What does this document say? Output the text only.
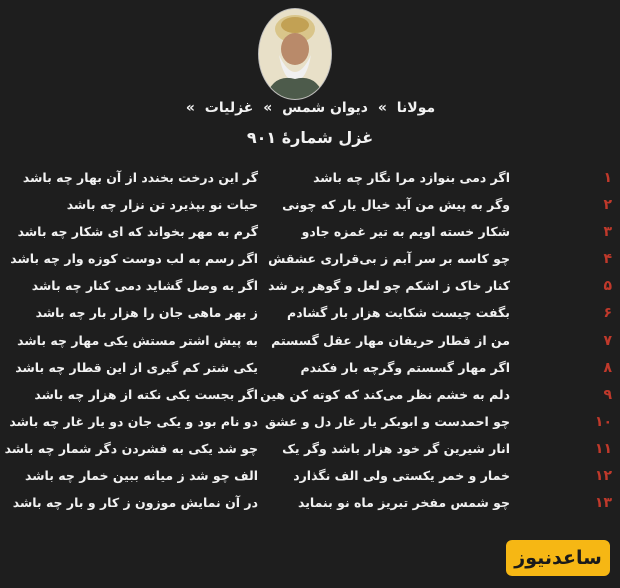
مولانا » دیوان شمس » غزلیات »
غزل شمارهٔ ۹۰۱
۱
اگر دمی بنوازد مرا نگار چه باشد
گر این درخت بخندد از آن بهار چه باشد
۲
وگر به پیش من آید خیال یار که چونی
حیات نو بپذیرد تن نزار چه باشد
۳
شکار خسته اویم به تیر غمزه جادو
گرم به مهر بخواند که ای شکار چه باشد
۴
چو کاسه بر سر آبم ز بی‌قراری عشقش
اگر رسم به لب دوست کوزه وار چه باشد
۵
کنار خاک ز اشکم چو لعل و گوهر پر شد
اگر به وصل گشاید دمی کنار چه باشد
۶
بگفت چیست شکایت هزار بار گشادم
ز بهر ماهی جان را هزار بار چه باشد
۷
من از قطار حریفان مهار عقل گسستم
به پیش اشتر مستش یکی مهار چه باشد
۸
اگر مهار گسستم وگرچه بار فکندم
یکی شتر کم گیری از این قطار چه باشد
۹
دلم به خشم نظر می‌کند که کوته کن هین
اگر بجست یکی نکته از هزار چه باشد
۱۰
چو احمدست و ابوبکر یار غار دل و عشق
دو نام بود و یکی جان دو یار غار چه باشد
۱۱
انار شیرین گر خود هزار باشد وگر یک
چو شد یکی به فشردن دگر شمار چه باشد
۱۲
خمار و خمر یکستی ولی الف نگذارد
الف چو شد ز میانه ببین خمار چه باشد
۱۳
چو شمس مفخر تبریز ماه نو بنماید
در آن نمایش موزون ز کار و بار چه باشد
ساعدنیوز
